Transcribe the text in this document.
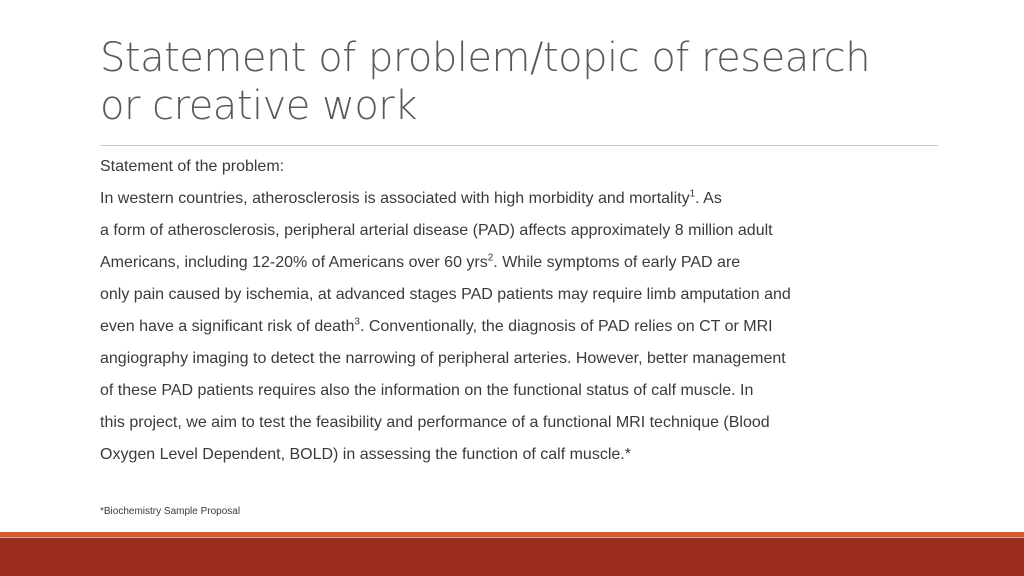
Statement of problem/topic of research
or creative work
Statement of the problem:
In western countries, atherosclerosis is associated with high morbidity and mortality$^1$. As
a form of atherosclerosis, peripheral arterial disease (PAD) affects approximately 8 million adult
Americans, including 12-20% of Americans over 60 yrs$^2$. While symptoms of early PAD are
only pain caused by ischemia, at advanced stages PAD patients may require limb amputation and
even have a significant risk of death$^3$. Conventionally, the diagnosis of PAD relies on CT or MRI
angiography imaging to detect the narrowing of peripheral arteries. However, better management
of these PAD patients requires also the information on the functional status of calf muscle. In
this project, we aim to test the feasibility and performance of a functional MRI technique (Blood
Oxygen Level Dependent, BOLD) in assessing the function of calf muscle.*
*Biochemistry Sample Proposal
